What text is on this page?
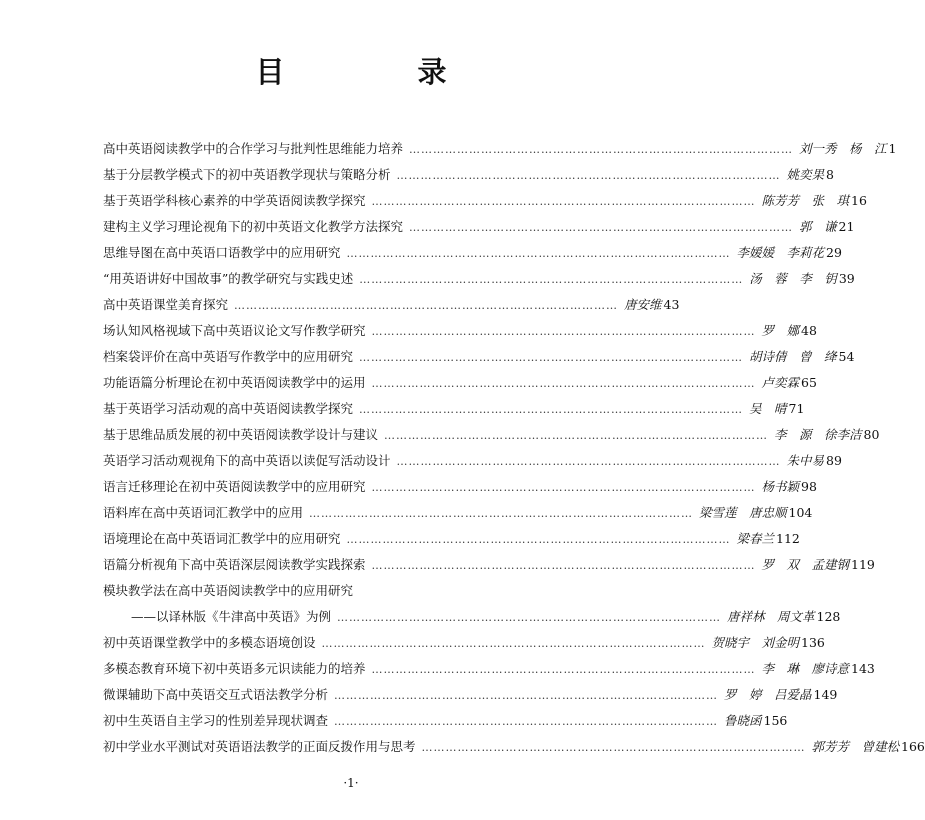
目　录
高中英语阅读教学中的合作学习与批判性思维能力培养 …………………………………………………………………………………… 刘一秀　杨　江 1
基于分层教学模式下的初中英语教学现状与策略分析 …………………………………………………………………………………… 姚奕果 8
基于英语学科核心素养的中学英语阅读教学探究 …………………………………………………………………………………… 陈芳芳　张　琪 16
建构主义学习理论视角下的初中英语文化教学方法探究 …………………………………………………………………………………… 郭　谦 21
思维导图在高中英语口语教学中的应用研究 …………………………………………………………………………………… 李媛媛　李莉花 29
“用英语讲好中国故事”的教学研究与实践史述 …………………………………………………………………………………… 汤　蓉　李　钥 39
高中英语课堂美育探究 …………………………………………………………………………………… 唐安维 43
场认知风格视域下高中英语议论文写作教学研究 …………………………………………………………………………………… 罗　娜 48
档案袋评价在高中英语写作教学中的应用研究 …………………………………………………………………………………… 胡诗倩　曾　绛 54
功能语篇分析理论在初中英语阅读教学中的运用 …………………………………………………………………………………… 卢奕霖 65
基于英语学习活动观的高中英语阅读教学探究 …………………………………………………………………………………… 吴　晴 71
基于思维品质发展的初中英语阅读教学设计与建议 …………………………………………………………………………………… 李　源　徐李洁 80
英语学习活动观视角下的高中英语以读促写活动设计 …………………………………………………………………………………… 朱中易 89
语言迁移理论在初中英语阅读教学中的应用研究 …………………………………………………………………………………… 杨书颖 98
语料库在高中英语词汇教学中的应用 …………………………………………………………………………………… 梁雪莲　唐忠顺 104
语境理论在高中英语词汇教学中的应用研究 …………………………………………………………………………………… 梁春兰 112
语篇分析视角下高中英语深层阅读教学实践探索 …………………………………………………………………………………… 罗　双　孟建钢 119
模块教学法在高中英语阅读教学中的应用研究
——以译林版《牛津高中英语》为例 …………………………………………………………………………………… 唐祥林　周文革 128
初中英语课堂教学中的多模态语境创设 …………………………………………………………………………………… 贺晓宇　刘金明 136
多模态教育环境下初中英语多元识读能力的培养 …………………………………………………………………………………… 李　琳　廖诗意 143
微课辅助下高中英语交互式语法教学分析 …………………………………………………………………………………… 罗　婷　吕爱晶 149
初中生英语自主学习的性别差异现状调查 …………………………………………………………………………………… 鲁晓函 156
初中学业水平测试对英语语法教学的正面反拨作用与思考 …………………………………………………………………………………… 郭芳芳　曾建松 166
·1·
